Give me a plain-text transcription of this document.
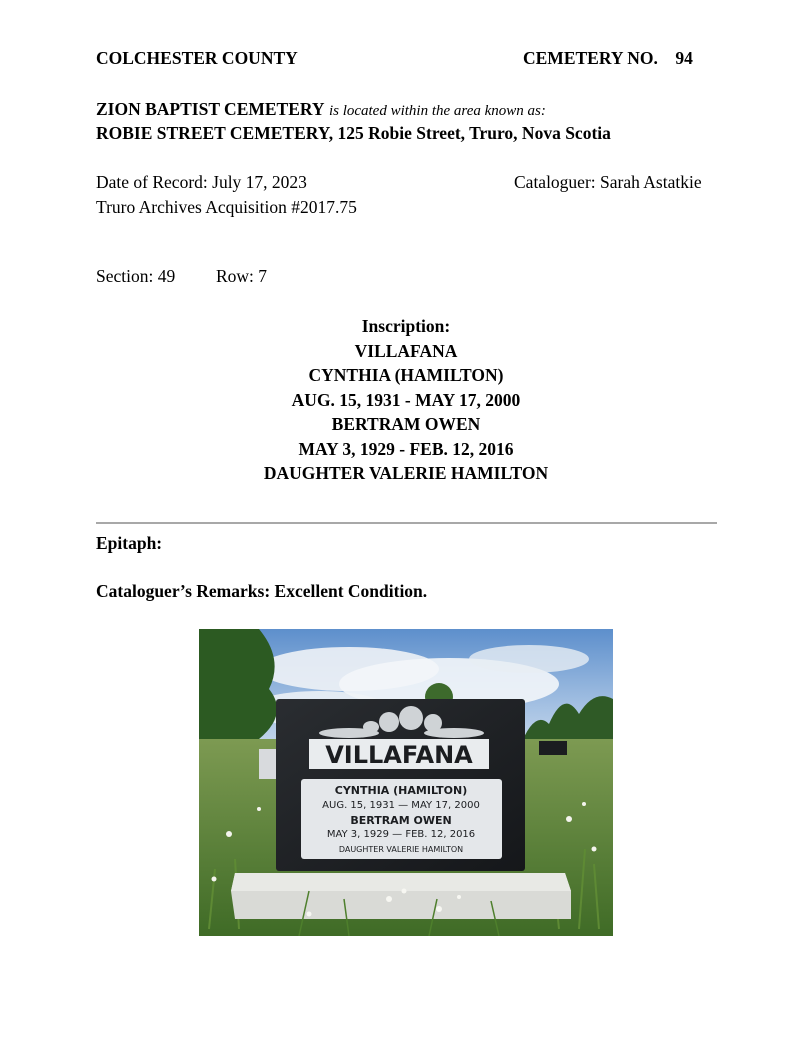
COLCHESTER COUNTY	CEMETERY NO.    94
ZION BAPTIST CEMETERY is located within the area known as:
ROBIE STREET CEMETERY, 125 Robie Street, Truro, Nova Scotia
Date of Record: July 17, 2023	Cataloguer: Sarah Astatkie
Truro Archives Acquisition #2017.75
Section: 49 Row: 7
Inscription:
VILLAFANA
CYNTHIA (HAMILTON)
AUG. 15, 1931 - MAY 17, 2000
BERTRAM OWEN
MAY 3, 1929 - FEB. 12, 2016
DAUGHTER VALERIE HAMILTON
Epitaph:
Cataloguer’s Remarks: Excellent Condition.
VILLAFANA
CYNTHIA (HAMILTON)
AUG. 15, 1931 — MAY 17, 2000
BERTRAM OWEN
MAY 3, 1929 — FEB. 12, 2016
DAUGHTER VALERIE HAMILTON
